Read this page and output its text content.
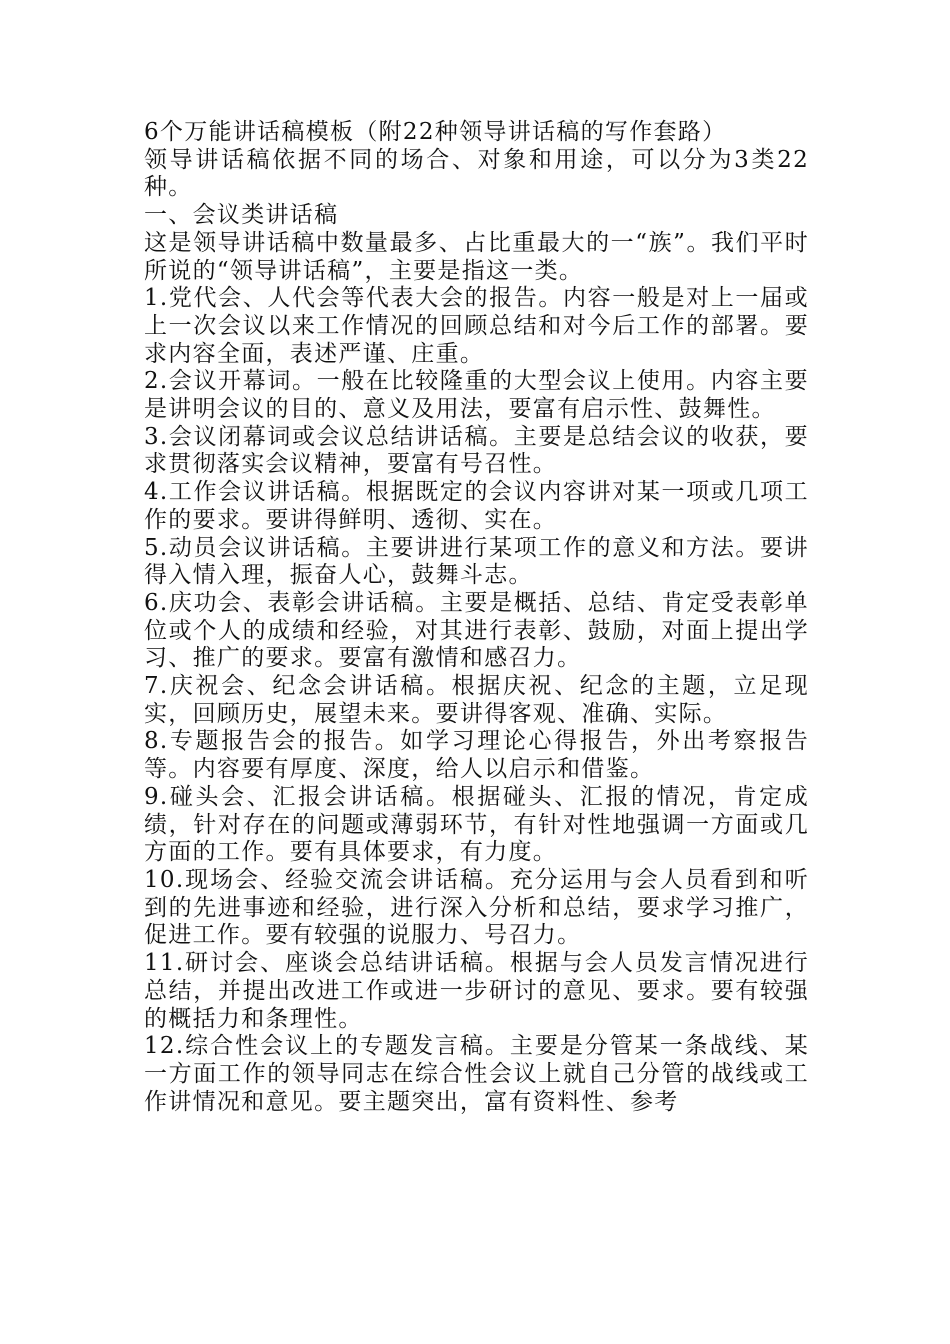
6个万能讲话稿模板（附22种领导讲话稿的写作套路）

领导讲话稿依据不同的场合、对象和用途，可以分为3类22种。

一、会议类讲话稿

这是领导讲话稿中数量最多、占比重最大的一“族”。我们平时所说的“领导讲话稿”，主要是指这一类。

1.党代会、人代会等代表大会的报告。内容一般是对上一届或上一次会议以来工作情况的回顾总结和对今后工作的部署。要求内容全面，表述严谨、庄重。

2.会议开幕词。一般在比较隆重的大型会议上使用。内容主要是讲明会议的目的、意义及用法，要富有启示性、鼓舞性。

3.会议闭幕词或会议总结讲话稿。主要是总结会议的收获，要求贯彻落实会议精神，要富有号召性。

4.工作会议讲话稿。根据既定的会议内容讲对某一项或几项工作的要求。要讲得鲜明、透彻、实在。

5.动员会议讲话稿。主要讲进行某项工作的意义和方法。要讲得入情入理，振奋人心，鼓舞斗志。

6.庆功会、表彰会讲话稿。主要是概括、总结、肯定受表彰单位或个人的成绩和经验，对其进行表彰、鼓励，对面上提出学习、推广的要求。要富有激情和感召力。

7.庆祝会、纪念会讲话稿。根据庆祝、纪念的主题，立足现实，回顾历史，展望未来。要讲得客观、准确、实际。

8.专题报告会的报告。如学习理论心得报告，外出考察报告等。内容要有厚度、深度，给人以启示和借鉴。

9.碰头会、汇报会讲话稿。根据碰头、汇报的情况，肯定成绩，针对存在的问题或薄弱环节，有针对性地强调一方面或几方面的工作。要有具体要求，有力度。

10.现场会、经验交流会讲话稿。充分运用与会人员看到和听到的先进事迹和经验，进行深入分析和总结，要求学习推广，促进工作。要有较强的说服力、号召力。

11.研讨会、座谈会总结讲话稿。根据与会人员发言情况进行总结，并提出改进工作或进一步研讨的意见、要求。要有较强的概括力和条理性。

12.综合性会议上的专题发言稿。主要是分管某一条战线、某一方面工作的领导同志在综合性会议上就自己分管的战线或工作讲情况和意见。要主题突出，富有资料性、参考
